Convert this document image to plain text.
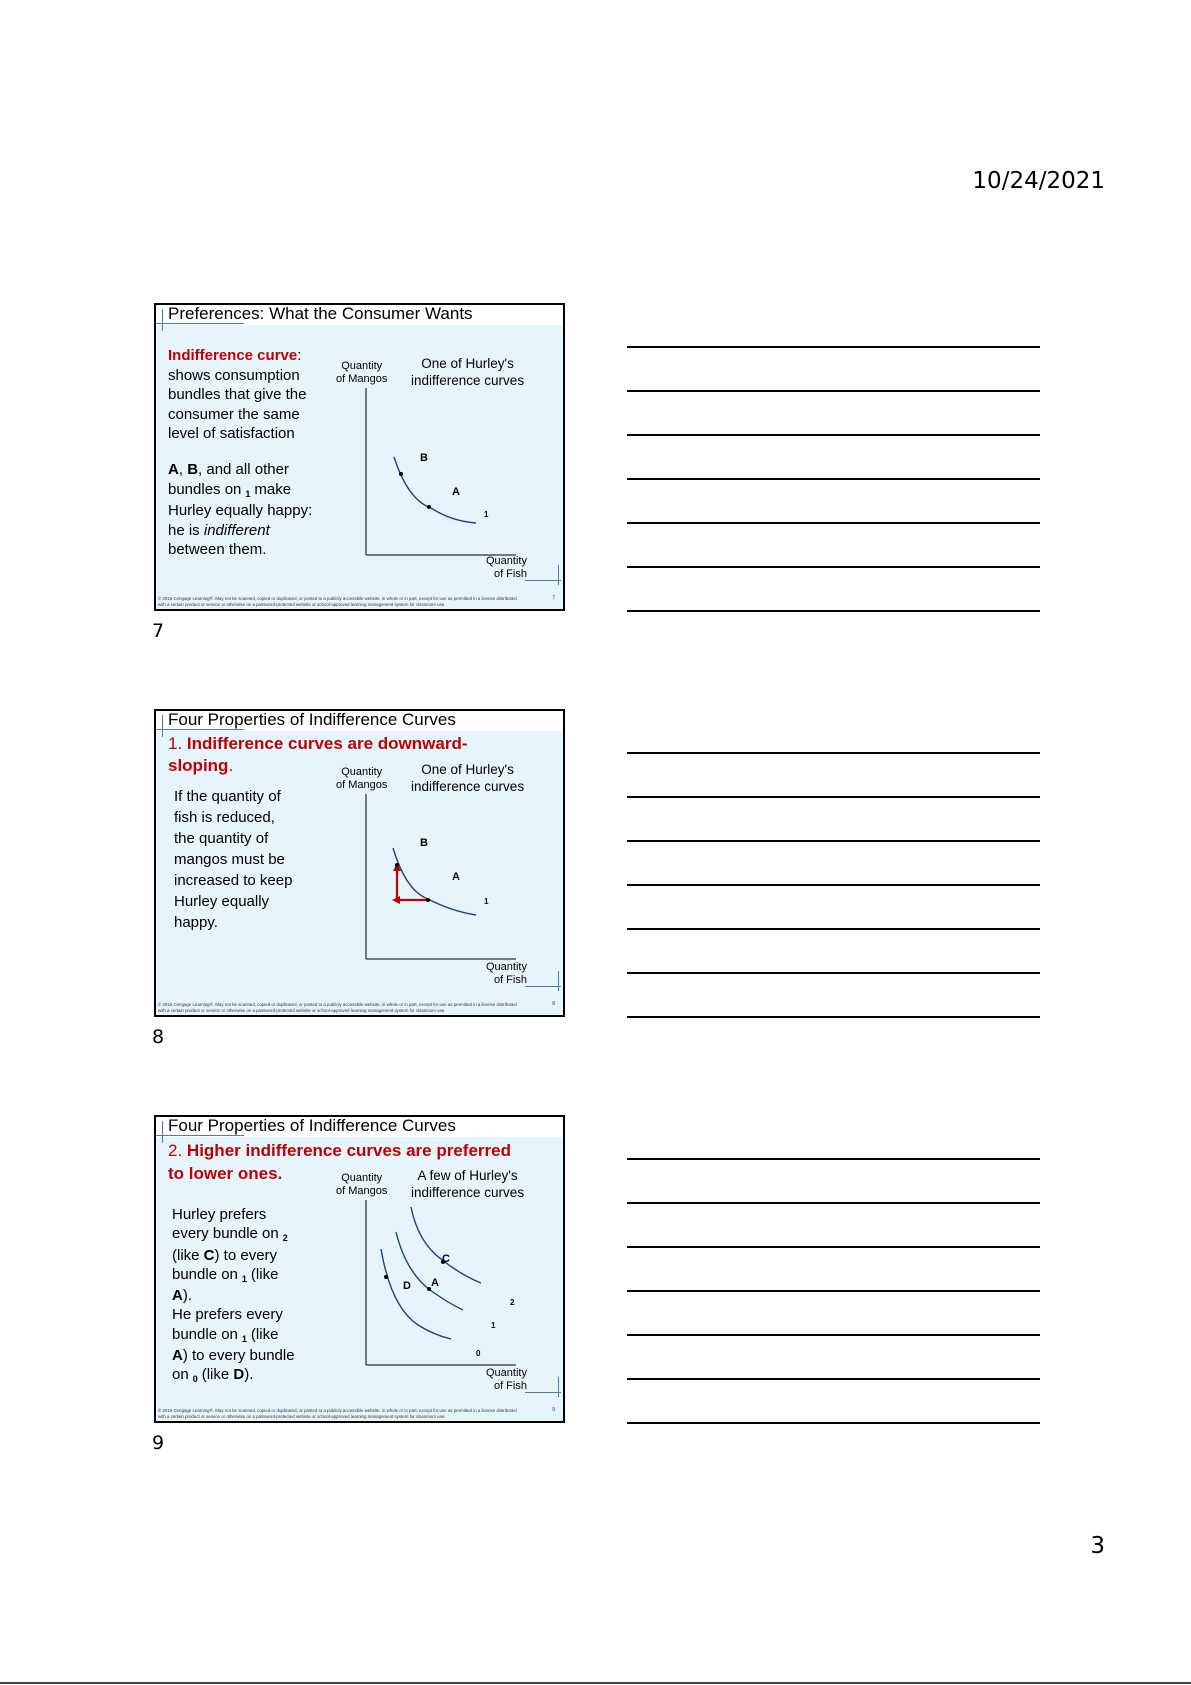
10/24/2021
Preferences: What the Consumer Wants
Indifference curve:
shows consumption
bundles that give the
consumer the same
level of satisfaction
A, B, and all other
bundles on $_1$ make
Hurley equally happy:
he is indifferent
between them.
Quantity
of Mangos
One of Hurley's
indifference curves
B
A
1
Quantity
of Fish
© 2016 Cengage Learning®. May not be scanned, copied or duplicated, or posted to a publicly accessible website, in whole or in part, except for use as permitted in a license distributed with a certain product or service or otherwise on a password-protected website or school-approved learning management system for classroom use.
7
7
Four Properties of Indifference Curves
1. Indifference curves are downward-
sloping.
If the quantity of
fish is reduced,
the quantity of
mangos must be
increased to keep
Hurley equally
happy.
Quantity
of Mangos
One of Hurley's
indifference curves
B
A
1
Quantity
of Fish
© 2016 Cengage Learning®. May not be scanned, copied or duplicated, or posted to a publicly accessible website, in whole or in part, except for use as permitted in a license distributed with a certain product or service or otherwise on a password-protected website or school-approved learning management system for classroom use.
8
8
Four Properties of Indifference Curves
2. Higher indifference curves are preferred
to lower ones.
Hurley prefers
every bundle on $_2$
(like C) to every
bundle on $_1$ (like
A).
He prefers every
bundle on $_1$ (like
A) to every bundle
on $_0$ (like D).
Quantity
of Mangos
A few of Hurley's
indifference curves
C
A
D
2
1
0
Quantity
of Fish
© 2016 Cengage Learning®. May not be scanned, copied or duplicated, or posted to a publicly accessible website, in whole or in part, except for use as permitted in a license distributed with a certain product or service or otherwise on a password-protected website or school-approved learning management system for classroom use.
9
9
3
